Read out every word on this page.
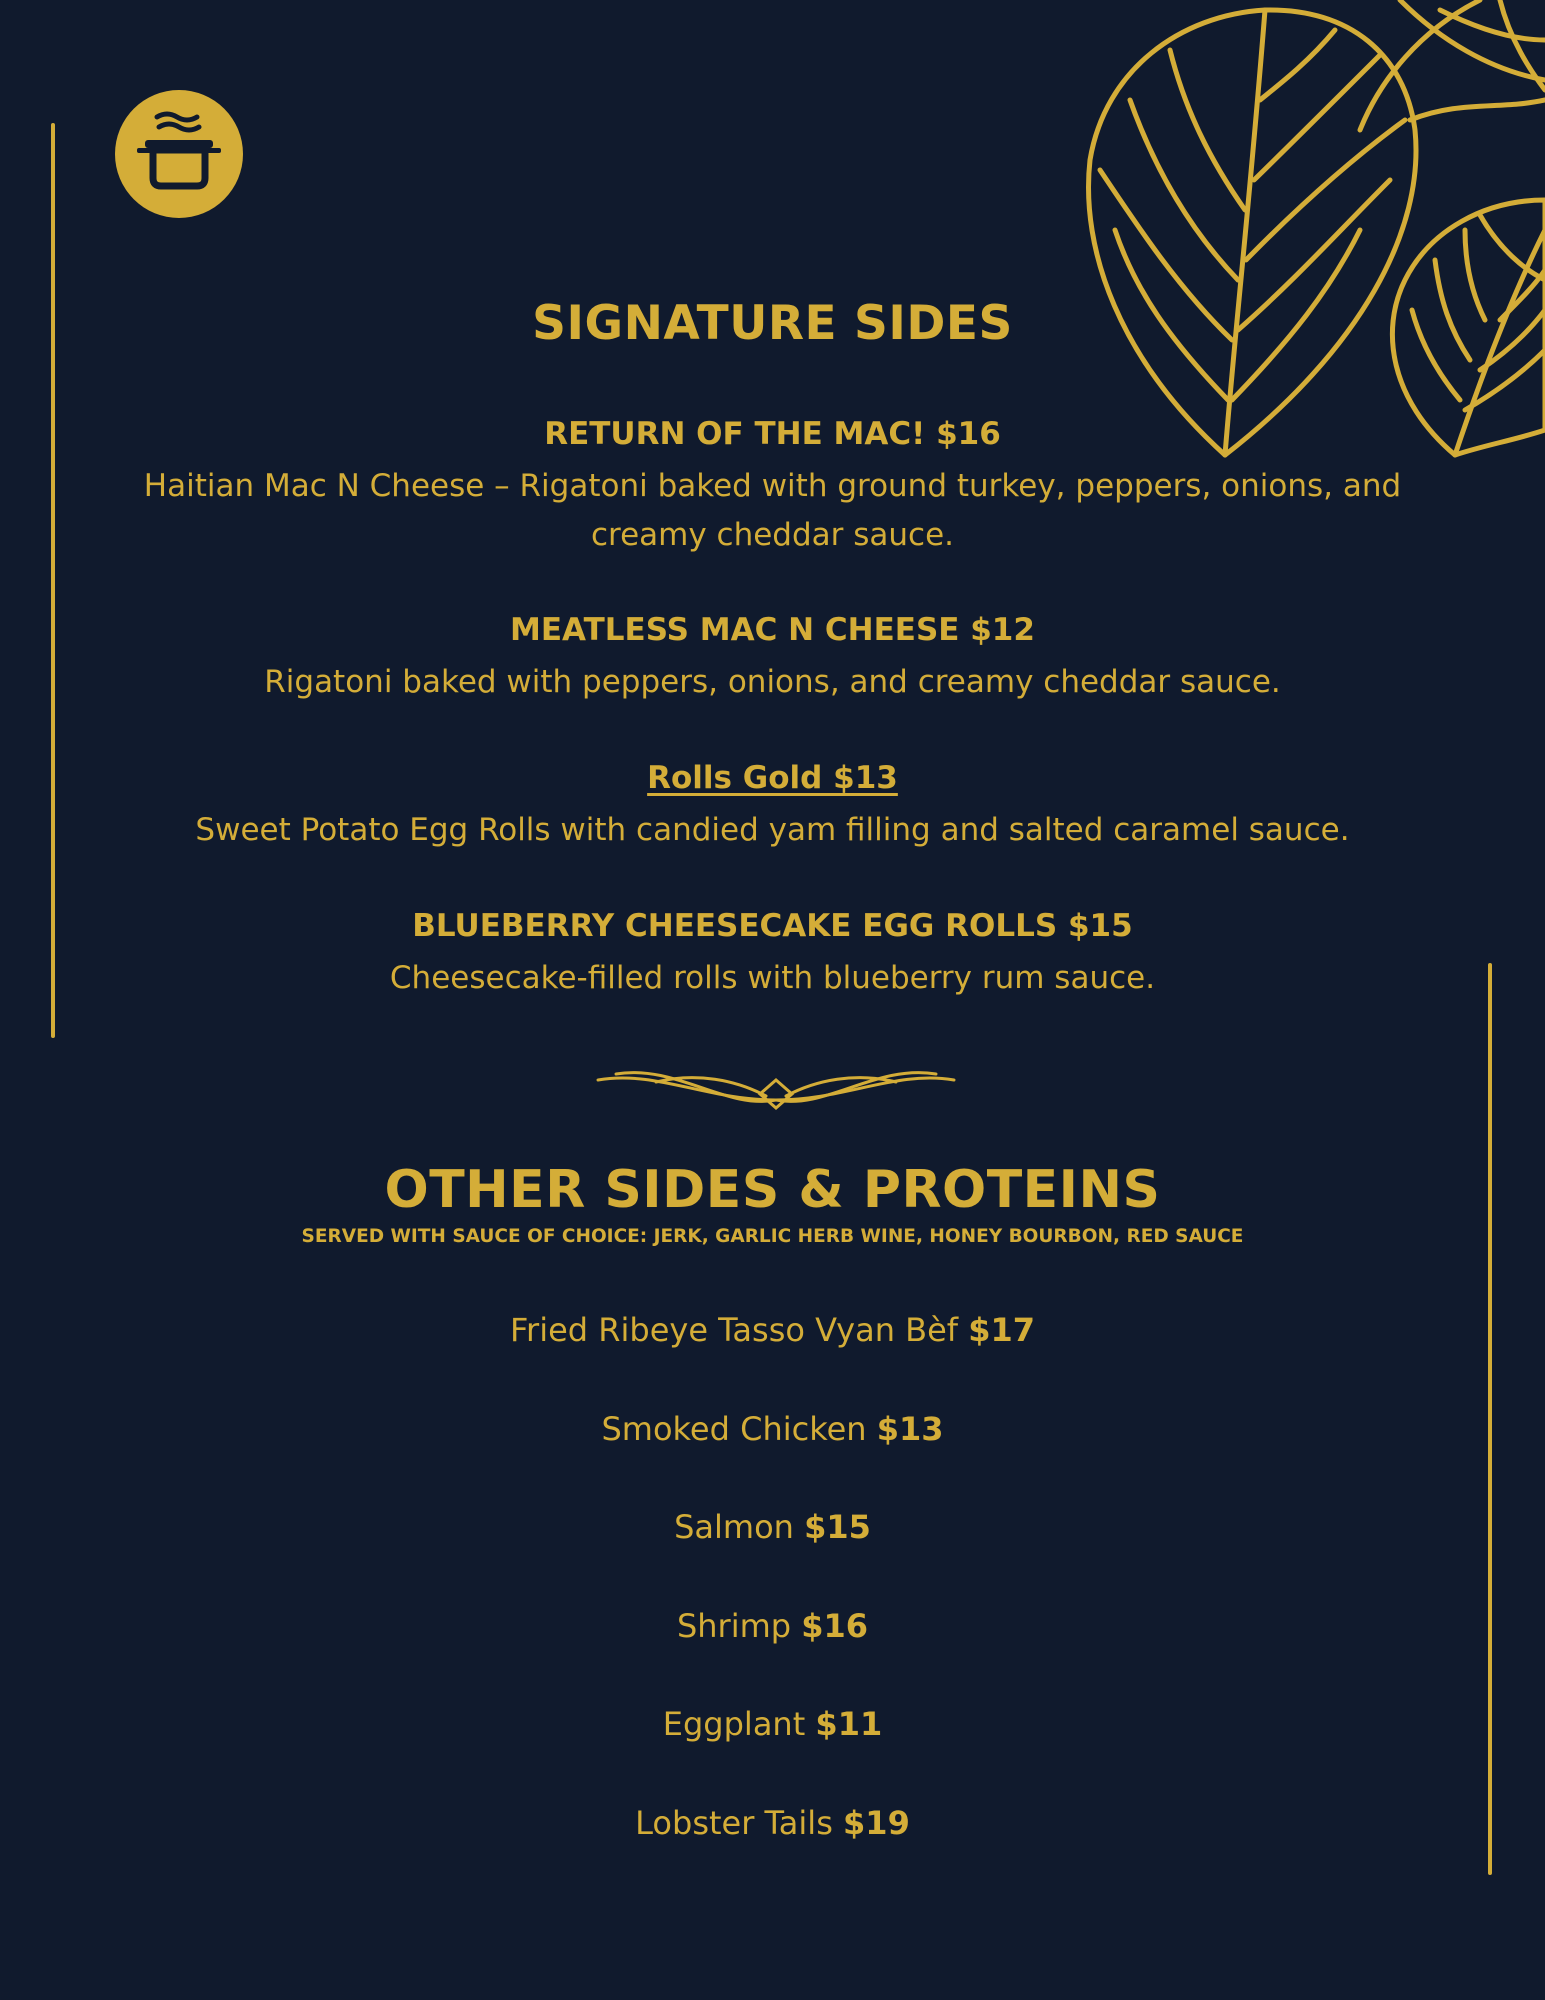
SIGNATURE SIDES
RETURN OF THE MAC! $16
Haitian Mac N Cheese – Rigatoni baked with ground turkey, peppers, onions, and creamy cheddar sauce.
MEATLESS MAC N CHEESE $12
Rigatoni baked with peppers, onions, and creamy cheddar sauce.
Rolls Gold $13
Sweet Potato Egg Rolls with candied yam filling and salted caramel sauce.
BLUEBERRY CHEESECAKE EGG ROLLS $15
Cheesecake-filled rolls with blueberry rum sauce.
OTHER SIDES & PROTEINS
SERVED WITH SAUCE OF CHOICE: JERK, GARLIC HERB WINE, HONEY BOURBON, RED SAUCE
Fried Ribeye Tasso Vyan Bèf $17
Smoked Chicken $13
Salmon $15
Shrimp $16
Eggplant $11
Lobster Tails $19
